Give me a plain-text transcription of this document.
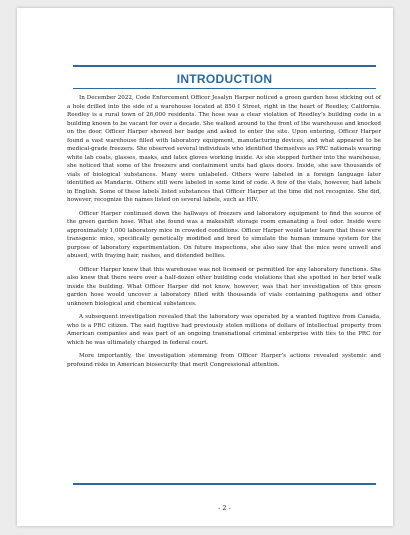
INTRODUCTION

In December 2022, Code Enforcement Officer Jesalyn Harper noticed a green garden hose sticking out of a hole drilled into the side of a warehouse located at 850 I Street, right in the heart of Reedley, California. Reedley is a rural town of 26,000 residents. The hose was a clear violation of Reedley’s building code in a building known to be vacant for over a decade. She walked around to the front of the warehouse and knocked on the door. Officer Harper showed her badge and asked to enter the site. Upon entering, Officer Harper found a vast warehouse filled with laboratory equipment, manufacturing devices, and what appeared to be medical-grade freezers. She observed several individuals who identified themselves as PRC nationals wearing white lab coats, glasses, masks, and latex gloves working inside. As she stepped further into the warehouse, she noticed that some of the freezers and containment units had glass doors. Inside, she saw thousands of vials of biological substances. Many were unlabeled. Others were labeled in a foreign language later identified as Mandarin. Others still were labeled in some kind of code. A few of the vials, however, had labels in English. Some of these labels listed substances that Officer Harper at the time did not recognize. She did, however, recognize the names listed on several labels, such as HIV.

Officer Harper continued down the hallways of freezers and laboratory equipment to find the source of the green garden hose. What she found was a makeshift storage room emanating a foul odor. Inside were approximately 1,000 laboratory mice in crowded conditions. Officer Harper would later learn that these were transgenic mice, specifically genetically modified and bred to simulate the human immune system for the purpose of laboratory experimentation. On future inspections, she also saw that the mice were unwell and abused, with fraying hair, rashes, and distended bellies.

Officer Harper knew that this warehouse was not licensed or permitted for any laboratory functions. She also knew that there were over a half-dozen other building code violations that she spotted in her brief walk inside the building. What Officer Harper did not know, however, was that her investigation of this green garden hose would uncover a laboratory filled with thousands of vials containing pathogens and other unknown biological and chemical substances.

A subsequent investigation revealed that the laboratory was operated by a wanted fugitive from Canada, who is a PRC citizen. The said fugitive had previously stolen millions of dollars of intellectual property from American companies and was part of an ongoing transnational criminal enterprise with ties to the PRC for which he was ultimately charged in federal court.

More importantly, the investigation stemming from Officer Harper’s actions revealed systemic and profound risks in American biosecurity that merit Congressional attention.

- 2 -
